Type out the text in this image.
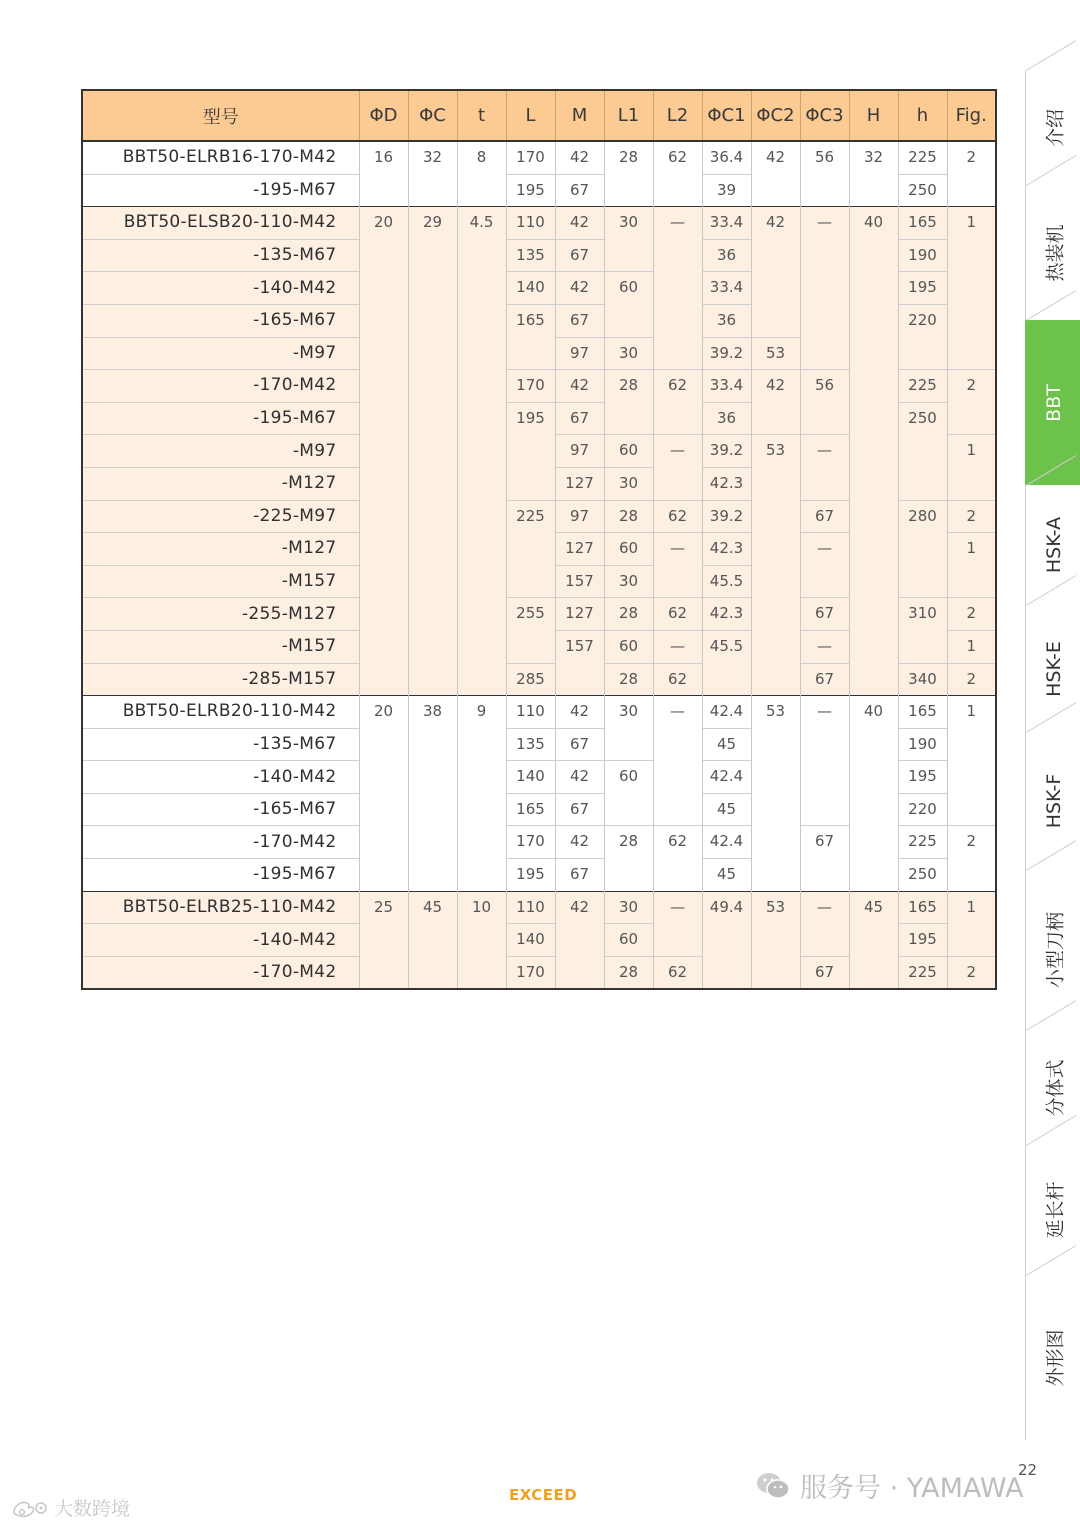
型号	ΦD	ΦC	t	L	M	L1	L2	ΦC1	ΦC2	ΦC3	H	h	Fig.
BBT50-ELRB16-170-M42	16	32	8	170	42	28	62	36.4	42	56	32	225	2
-195-M67				195	67			39				250	
BBT50-ELSB20-110-M42	20	29	4.5	110	42	30	—	33.4	42	—	40	165	1
-135-M67				135	67			36				190	
-140-M42				140	42	60		33.4				195	
-165-M67				165	67			36				220	
-M97					97	30		39.2	53				
-170-M42				170	42	28	62	33.4	42	56		225	2
-195-M67				195	67			36				250	
-M97					97	60	—	39.2	53	—			1
-M127					127	30		42.3					
-225-M97				225	97	28	62	39.2		67		280	2
-M127					127	60	—	42.3		—			1
-M157					157	30		45.5					
-255-M127				255	127	28	62	42.3		67		310	2
-M157					157	60	—	45.5		—			1
-285-M157				285		28	62			67		340	2
BBT50-ELRB20-110-M42	20	38	9	110	42	30	—	42.4	53	—	40	165	1
-135-M67				135	67			45				190	
-140-M42				140	42	60		42.4				195	
-165-M67				165	67			45				220	
-170-M42				170	42	28	62	42.4		67		225	2
-195-M67				195	67			45				250	
BBT50-ELRB25-110-M42	25	45	10	110	42	30	—	49.4	53	—	45	165	1
-140-M42				140		60						195	
-170-M42				170		28	62			67		225	2
介绍
热装机
BBT
HSK-A
HSK-E
HSK-F
小型刀柄
分体式
延长杆
外形图
22
EXCEED	服务号 · YAMAWA
大数跨境
